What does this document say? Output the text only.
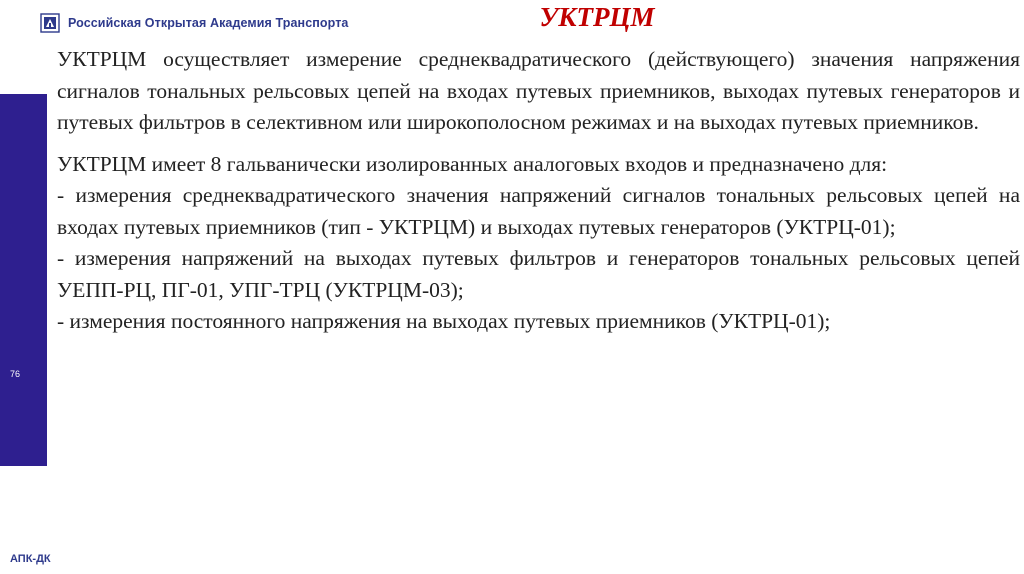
Российская Открытая Академия Транспорта	УКТРЦМ
76

УКТРЦМ осуществляет измерение среднеквадратического (действующего) значения напряжения сигналов тональных рельсовых цепей на входах путевых приемников, выходах путевых генераторов и путевых фильтров в селективном или широкополосном режимах и на выходах путевых приемников.

УКТРЦМ имеет 8 гальванически изолированных аналоговых входов и предназначено для:

- измерения среднеквадратического значения напряжений сигналов тональных рельсовых цепей на входах путевых приемников (тип - УКТРЦМ) и выходах путевых генераторов (УКТРЦ-01);

- измерения напряжений на выходах путевых фильтров и генераторов тональных рельсовых цепей УЕПП-РЦ, ПГ-01, УПГ-ТРЦ (УКТРЦМ-03);

- измерения постоянного напряжения на выходах путевых приемников (УКТРЦ-01);

АПК-ДК
